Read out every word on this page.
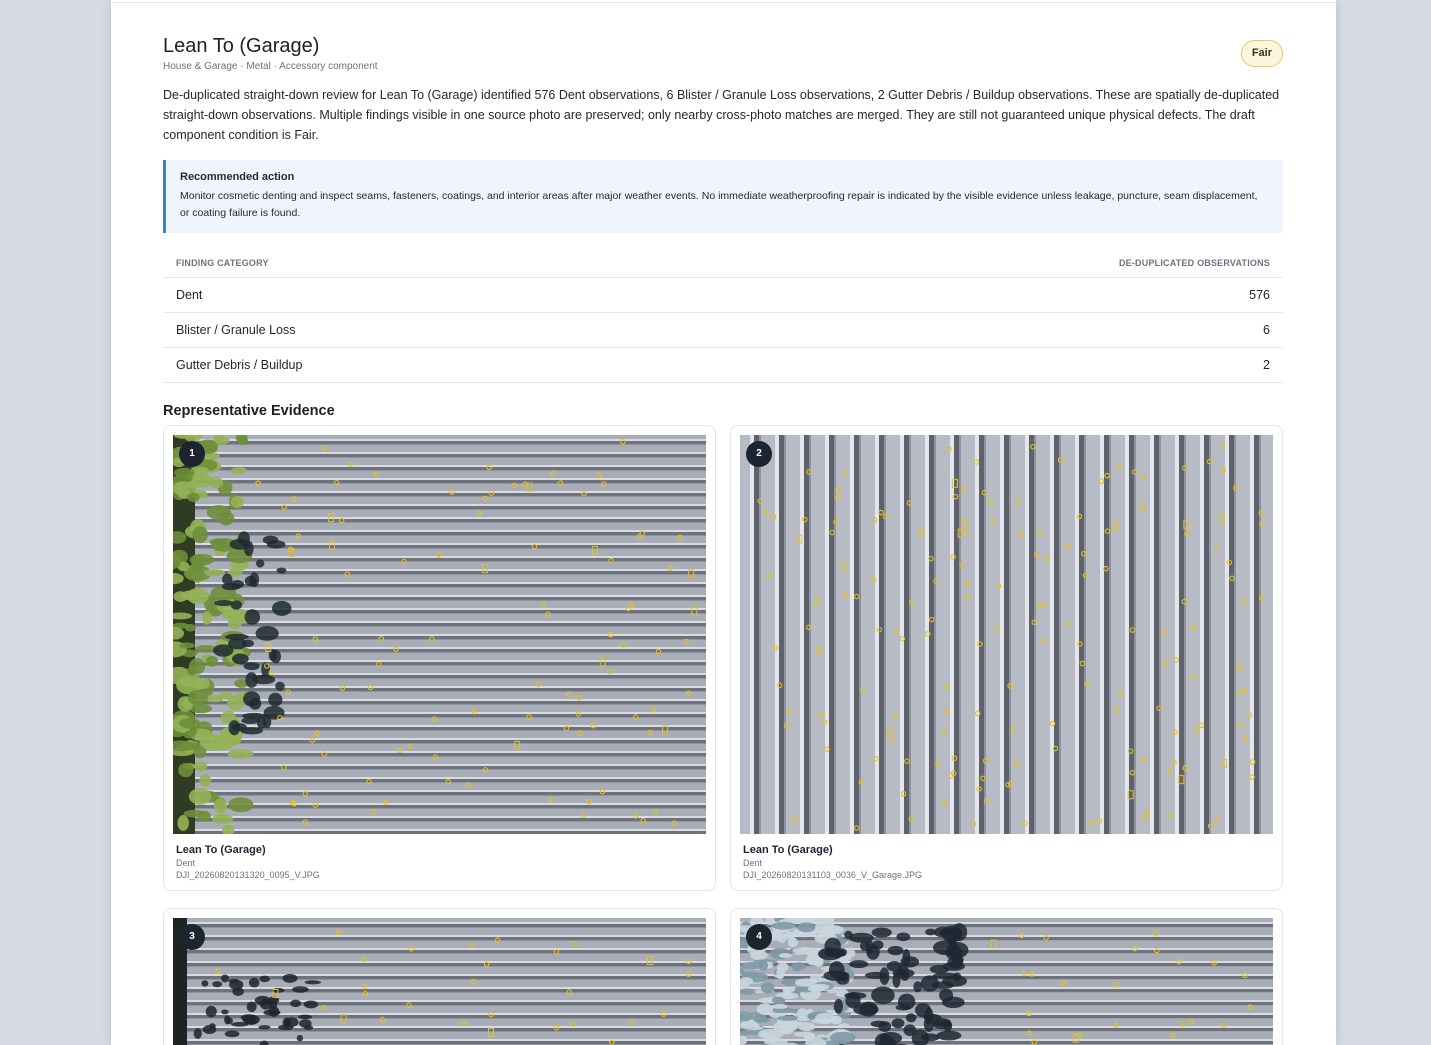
Lean To (Garage)
House & Garage · Metal · Accessory component
Fair

De-duplicated straight-down review for Lean To (Garage) identified 576 Dent observations, 6 Blister / Granule Loss observations, 2 Gutter Debris / Buildup observations. These are spatially de-duplicated straight-down observations. Multiple findings visible in one source photo are preserved; only nearby cross-photo matches are merged. They are still not guaranteed unique physical defects. The draft component condition is Fair.

Recommended action
Monitor cosmetic denting and inspect seams, fasteners, coatings, and interior areas after major weather events. No immediate weatherproofing repair is indicated by the visible evidence unless leakage, puncture, seam displacement, or coating failure is found.
FINDING CATEGORY	DE-DUPLICATED OBSERVATIONS
Dent	576
Blister / Granule Loss	6
Gutter Debris / Buildup	2
Representative Evidence
1
Lean To (Garage)
Dent
DJI_20260820131320_0095_V.JPG
2
Lean To (Garage)
Dent
DJI_20260820131103_0036_V_Garage.JPG
3	4
